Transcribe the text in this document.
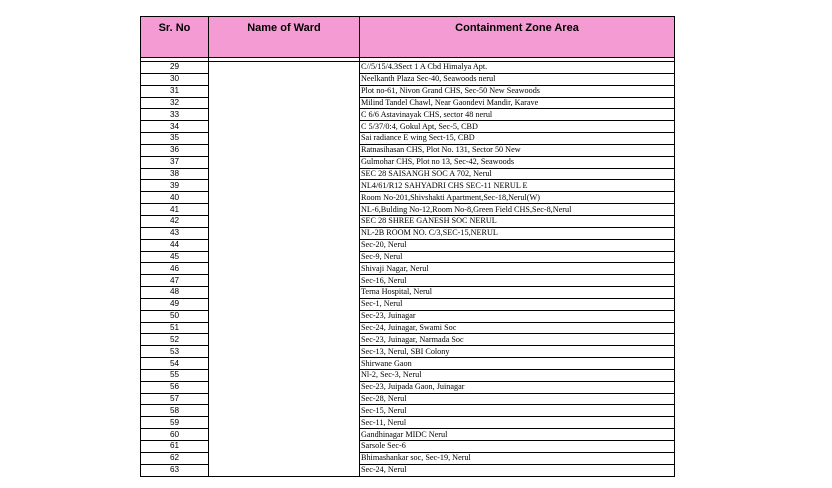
Sr. No	Name of Ward	Containment Zone Area

29		C//5/15/4.3Sect 1 A Cbd Himalya Apt.
30		Neelkanth Plaza Sec-40, Seawoods nerul
31		Plot no-61, Nivon Grand CHS, Sec-50 New Seawoods
32		Milind Tandel Chawl, Near Gaondevi Mandir, Karave
33		C 6/6 Astavinayak CHS, sector 48 nerul
34		C 5/37/0:4, Gokul Apt, Sec-5, CBD
35		Sai radiance E wing Sect-15, CBD
36		Ratnasihasan CHS, Plot No. 131, Sector 50 New
37		Gulmohar CHS, Plot no 13, Sec-42, Seawoods
38		SEC 28 SAISANGH SOC A 702, Nerul
39		NL4/61/R12 SAHYADRI CHS SEC-11 NERUL E
40		Room No-201,Shivshakti Apartment,Sec-18,Nerul(W)
41		NL-6,Bulding No-12,Room No-8,Green Field CHS,Sec-8,Nerul
42		SEC 28 SHREE GANESH SOC NERUL
43		NL-2B ROOM NO. C/3,SEC-15,NERUL
44		Sec-20, Nerul
45		Sec-9, Nerul
46		Shivaji Nagar, Nerul
47		Sec-16, Nerul
48		Terna Hospital, Nerul
49		Sec-1, Nerul
50		Sec-23, Juinagar
51		Sec-24, Juinagar, Swami Soc
52		Sec-23, Juinagar, Narmada Soc
53		Sec-13, Nerul, SBI Colony
54		Shirwane Gaon
55		Nl-2, Sec-3, Nerul
56		Sec-23, Juipada Gaon, Juinagar
57		Sec-28, Nerul
58		Sec-15, Nerul
59		Sec-11, Nerul
60		Gandhinagar MIDC Nerul
61		Sarsole Sec-6
62		Bhimashankar soc, Sec-19, Nerul
63		Sec-24, Nerul
